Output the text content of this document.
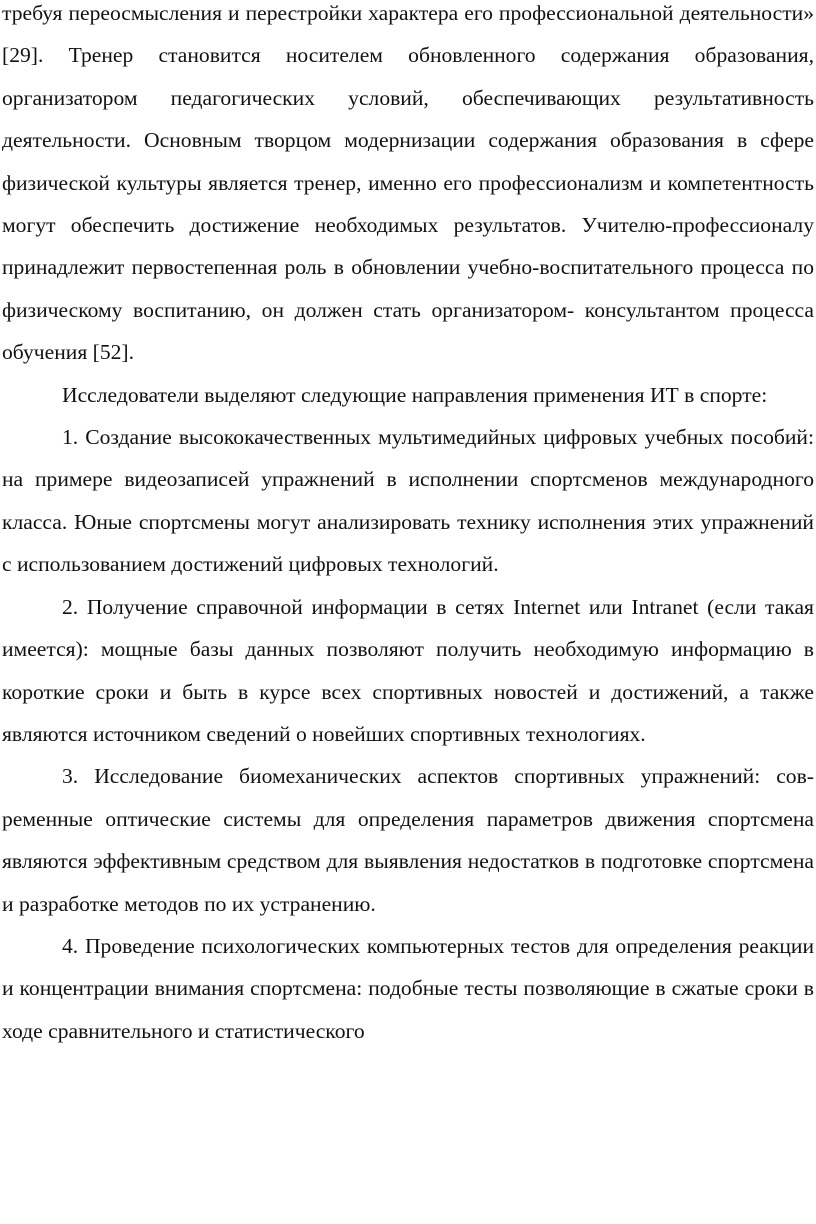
требуя переосмысления и перестройки характера его профессиональной деятельности» [29]. Тренер становится носителем обновленного содержания образования, организатором педагогических условий, обеспечивающих результативность деятельности. Основным творцом модернизации содержания образования в сфере физической культуры является тренер, именно его профессионализм и компетентность могут обеспечить достижение необходимых результатов. Учителю-профессионалу принадлежит первостепенная роль в обновлении учебно-воспитательного процесса по физическому воспитанию, он должен стать организатором- консультантом процесса обучения [52].

Исследователи выделяют следующие направления применения ИТ в спорте:

1. Создание высококачественных мультимедийных цифровых учебных пособий: на примере видеозаписей упражнений в исполнении спортсменов международного класса. Юные спортсмены могут анализировать технику исполнения этих упражнений с использованием достижений цифровых технологий.

2. Получение справочной информации в сетях Internet или Intranet (если такая имеется): мощные базы данных позволяют получить необходимую информацию в короткие сроки и быть в курсе всех спортивных новостей и достижений, а также являются источником сведений о новейших спортивных технологиях.

3. Исследование биомеханических аспектов спортивных упражнений: сов-ременные оптические системы для определения параметров движения спортсмена являются эффективным средством для выявления недостатков в подготовке спортсмена и разработке методов по их устранению.

4. Проведение психологических компьютерных тестов для определения реакции и концентрации внимания спортсмена: подобные тесты позволяющие в сжатые сроки в ходе сравнительного и статистического
